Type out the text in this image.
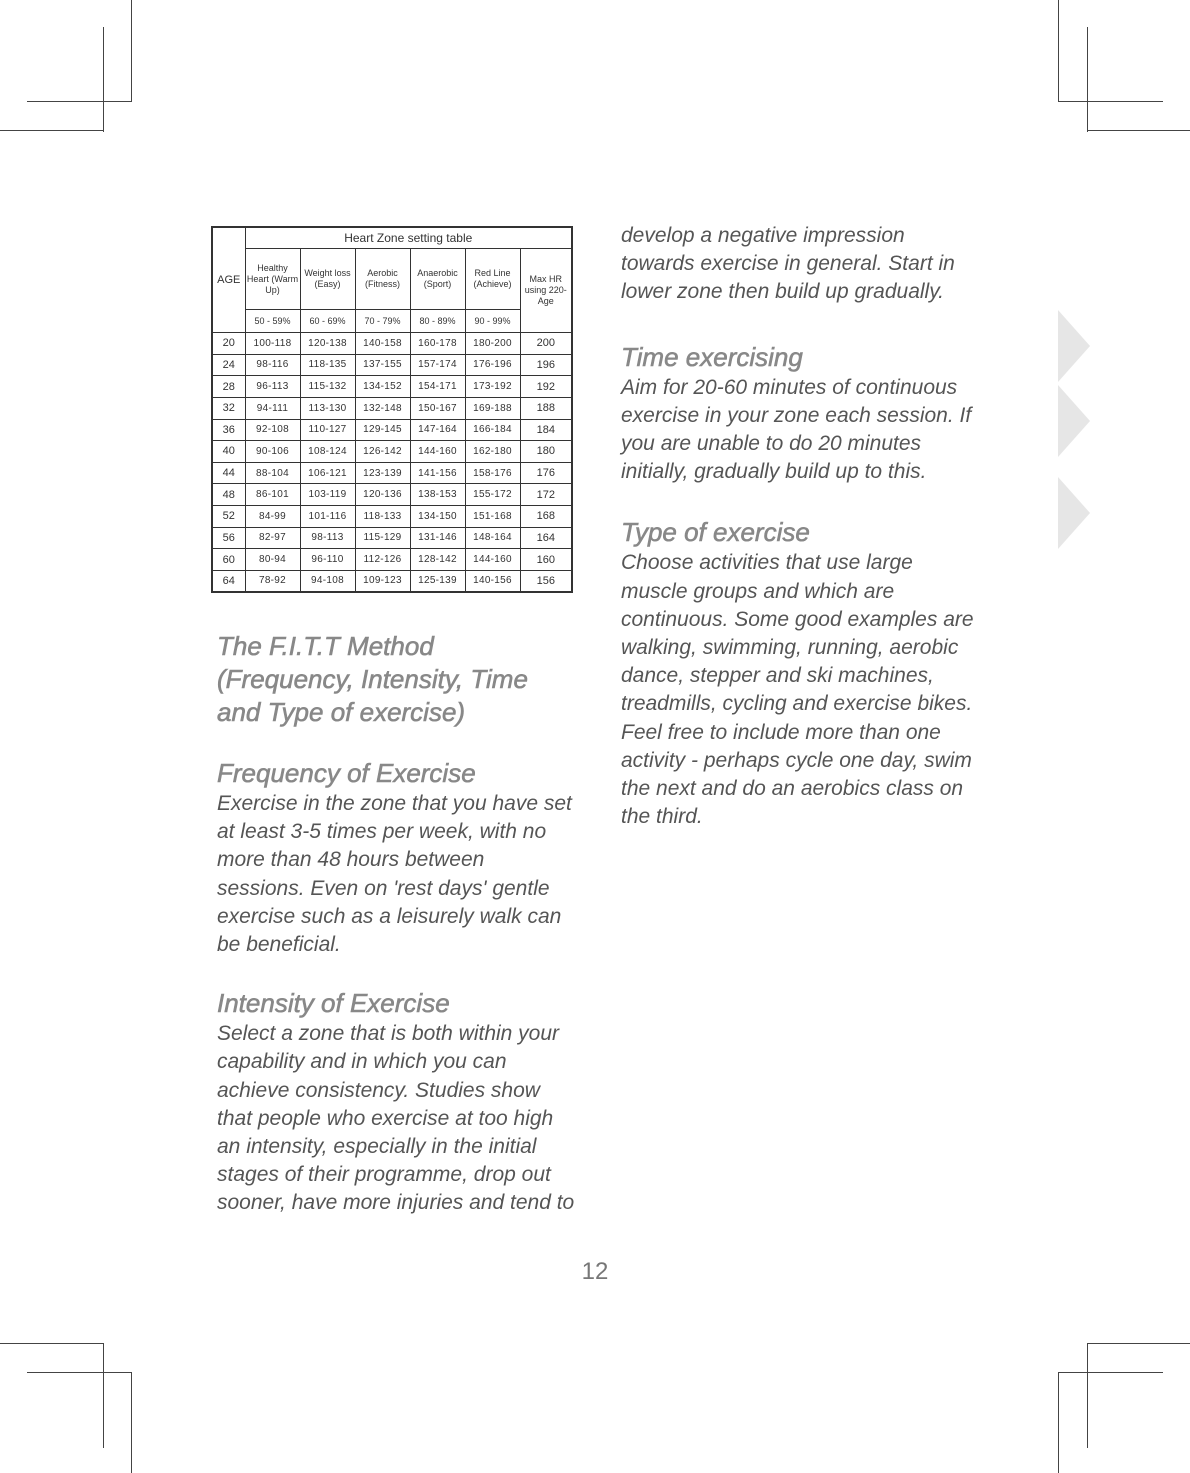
AGE	Heart Zone setting table					
	Healthy Heart (Warm Up)	Weight loss (Easy)	Aerobic (Fitness)	Anaerobic (Sport)	Red Line (Achieve)	Max HR using 220-Age
	50 - 59%	60 - 69%	70 - 79%	80 - 89%	90 - 99%	
20	100-118	120-138	140-158	160-178	180-200	200
24	98-116	118-135	137-155	157-174	176-196	196
28	96-113	115-132	134-152	154-171	173-192	192
32	94-111	113-130	132-148	150-167	169-188	188
36	92-108	110-127	129-145	147-164	166-184	184
40	90-106	108-124	126-142	144-160	162-180	180
44	88-104	106-121	123-139	141-156	158-176	176
48	86-101	103-119	120-136	138-153	155-172	172
52	84-99	101-116	118-133	134-150	151-168	168
56	82-97	98-113	115-129	131-146	148-164	164
60	80-94	96-110	112-126	128-142	144-160	160
64	78-92	94-108	109-123	125-139	140-156	156
The F.I.T.T Method (Frequency, Intensity, Time and Type of exercise)
Frequency of Exercise

Exercise in the zone that you have set at least 3-5 times per week, with no more than 48 hours between sessions. Even on 'rest days' gentle exercise such as a leisurely walk can be beneficial.

Intensity of Exercise

Select a zone that is both within your capability and in which you can achieve consistency. Studies show that people who exercise at too high an intensity, especially in the initial stages of their programme, drop out sooner, have more injuries and tend to

develop a negative impression towards exercise in general. Start in lower zone then build up gradually.

Time exercising

Aim for 20-60 minutes of continuous exercise in your zone each session. If you are unable to do 20 minutes initially, gradually build up to this.

Type of exercise

Choose activities that use large muscle groups and which are continuous. Some good examples are walking, swimming, running, aerobic dance, stepper and ski machines, treadmills, cycling and exercise bikes. Feel free to include more than one activity - perhaps cycle one day, swim the next and do an aerobics class on the third.

12
